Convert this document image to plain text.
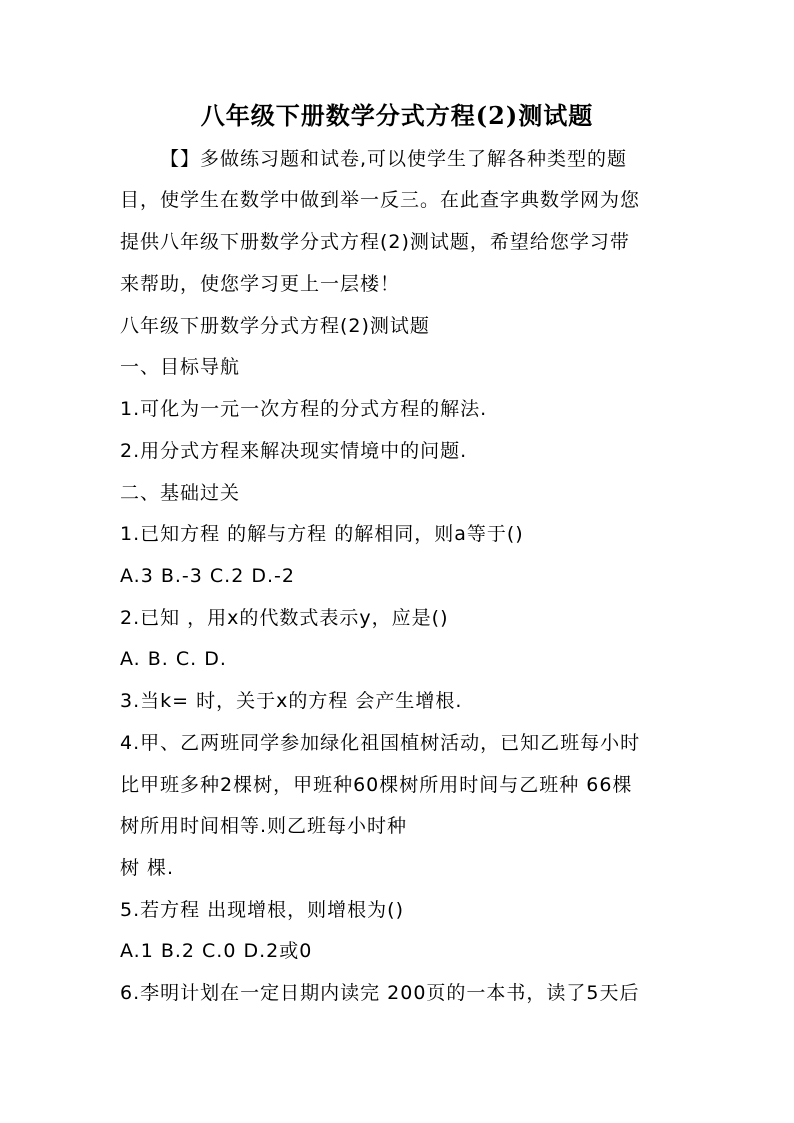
八年级下册数学分式方程(2)测试题
【】多做练习题和试卷,可以使学生了解各种类型的题
目，使学生在数学中做到举一反三。在此查字典数学网为您
提供八年级下册数学分式方程(2)测试题，希望给您学习带
来帮助，使您学习更上一层楼！
八年级下册数学分式方程(2)测试题
一、目标导航
1.可化为一元一次方程的分式方程的解法.
2.用分式方程来解决现实情境中的问题.
二、基础过关
1.已知方程 的解与方程 的解相同，则a等于()
A.3 B.-3 C.2 D.-2
2.已知 ，用x的代数式表示y，应是()
A. B. C. D.
3.当k= 时，关于x的方程 会产生增根.
4.甲、乙两班同学参加绿化祖国植树活动，已知乙班每小时
比甲班多种2棵树，甲班种60棵树所用时间与乙班种 66棵
树所用时间相等.则乙班每小时种
树 棵.
5.若方程 出现增根，则增根为()
A.1 B.2 C.0 D.2或0
6.李明计划在一定日期内读完 200页的一本书，读了5天后
